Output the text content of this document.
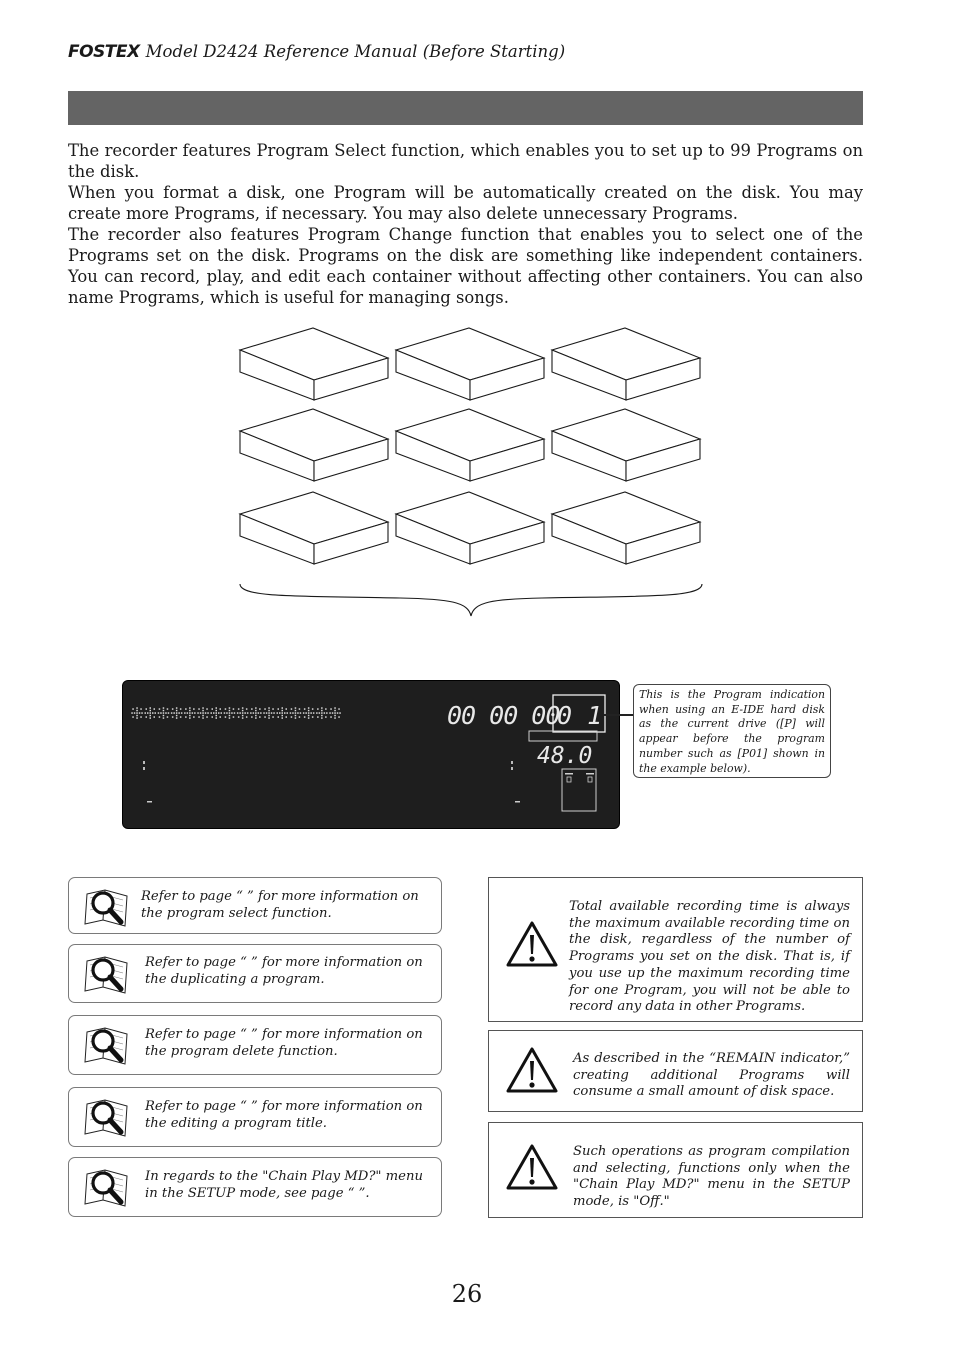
FOSTEX Model D2424 Reference Manual (Before Starting)

The recorder features Program Select function, which enables you to set up to 99 Programs on the disk.

When you format a disk, one Program will be automatically created on the disk. You may create more Programs, if necessary. You may also delete unnecessary Programs.

The recorder also features Program Change function that enables you to select one of the Programs set on the disk. Programs on the disk are something like independent containers. You can record, play, and edit each container without affecting other containers. You can also name Programs, which is useful for managing songs.

00 00 00
0 1
48.0
This is the Program indication when using an E-IDE hard disk as the current drive ([P] will appear before the program number such as [P01] shown in the example below).
Refer to page “ ” for more information on the program select function.
Refer to page “ ” for more information on the duplicating a program.
Refer to page “ ” for more information on the program delete function.
Refer to page “ ” for more information on the editing a program title.
In regards to the "Chain Play MD?" menu in the SETUP mode, see page “ ”.
Total available recording time is always the maximum available recording time on the disk, regardless of the number of Programs you set on the disk. That is, if you use up the maximum recording time for one Program, you will not be able to record any data in other Programs.
As described in the “REMAIN indicator,” creating additional Programs will consume a small amount of disk space.
Such operations as program compilation and selecting, functions only when the "Chain Play MD?" menu in the SETUP mode, is "Off."
26
